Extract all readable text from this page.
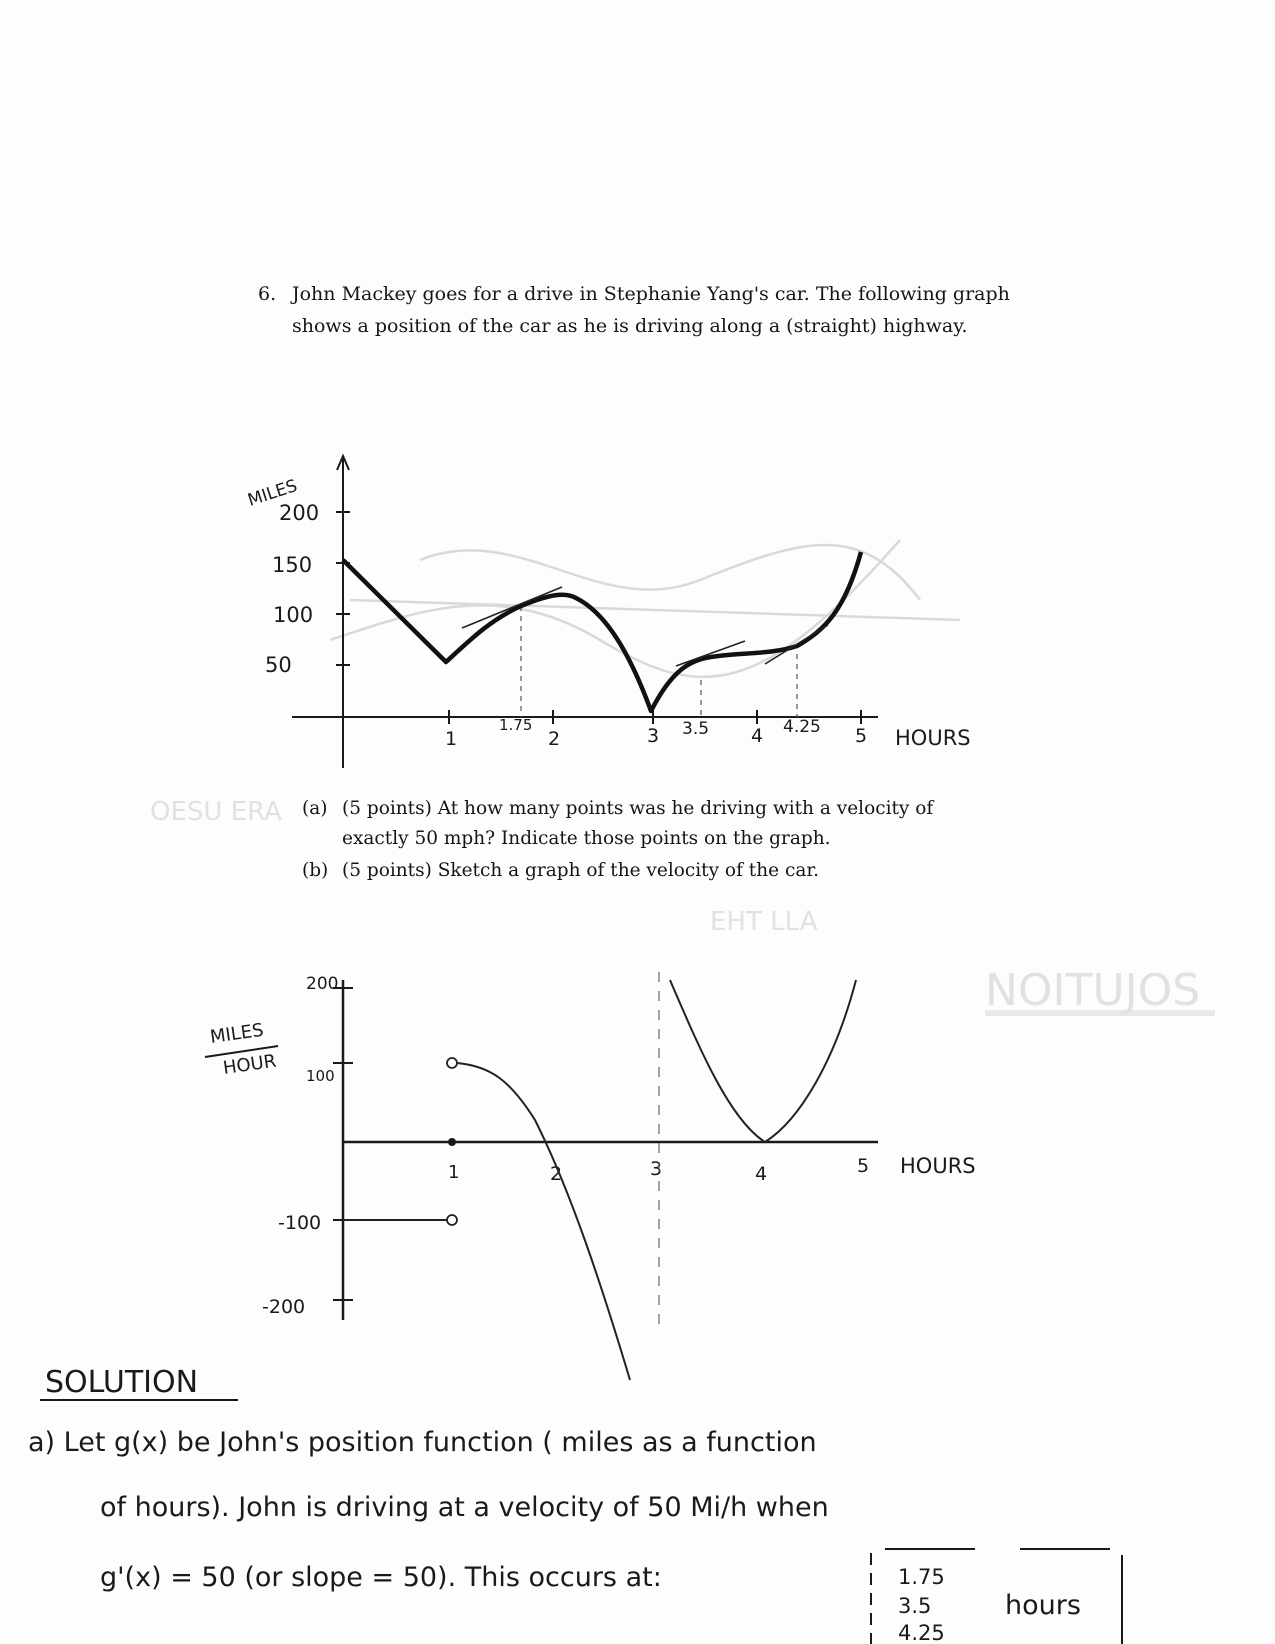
6. John Mackey goes for a drive in Stephanie Yang's car. The following graph shows a position of the car as he is driving along a (straight) highway.
(a) (5 points) At how many points was he driving with a velocity of exactly 50 mph? Indicate those points on the graph.
(b) (5 points) Sketch a graph of the velocity of the car.
NOITUJOS
OESU ERA
EHT LLA
MILES
HOURS
200
150
100
50
1
1.75
2	3 3.5 4 4.25 5
MILES
HOUR
HOURS
200
100
-100
-200
1	2	3	4	5
SOLUTION
a) Let g(x) be John's position function ( miles as a function
of hours). John is driving at a velocity of 50 Mi/h when
g'(x) = 50 (or slope = 50). This occurs at:	1.75
3.5
4.25
hours
